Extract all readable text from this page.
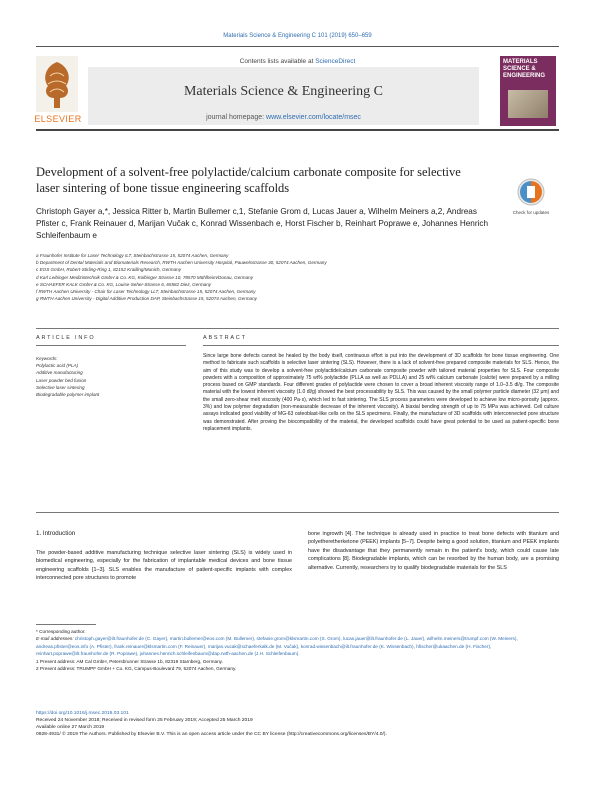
Materials Science & Engineering C 101 (2019) 650–659
ELSEVIER
Contents lists available at ScienceDirect
Materials Science & Engineering C
journal homepage: www.elsevier.com/locate/msec
MATERIALS SCIENCE & ENGINEERING
Development of a solvent-free polylactide/calcium carbonate composite for selective laser sintering of bone tissue engineering scaffolds
Check for updates
Christoph Gayer a,*, Jessica Ritter b, Martin Bullemer c,1, Stefanie Grom d, Lucas Jauer a, Wilhelm Meiners a,2, Andreas Pfister c, Frank Reinauer d, Marijan Vučak c, Konrad Wissenbach e, Horst Fischer b, Reinhart Poprawe e, Johannes Henrich Schleifenbaum e
a Fraunhofer Institute for Laser Technology ILT, Steinbachstrasse 15, 52074 Aachen, Germany
b Department of Dental Materials and Biomaterials Research, RWTH Aachen University Hospital, Pauwelsstrasse 30, 52074 Aachen, Germany
c EOS GmbH, Robert-Stirling-Ring 1, 82152 Krailling/Munich, Germany
d Karl Leibinger Medizintechnik GmbH & Co. KG, Kolbinger Strasse 10, 78570 Mühlheim/Donau, Germany
e SCHAEFER KALK GmbH & Co. KG, Louise-Seher-Strasse 6, 65582 Diez, Germany
f RWTH Aachen University - Chair for Laser Technology LLT, Steinbachstrasse 15, 52074 Aachen, Germany
g RWTH Aachen University - Digital Additive Production DAP, Steinbachstrasse 15, 52074 Aachen, Germany
ARTICLE INFO	ABSTRACT
Keywords:
Polylactic acid (PLA)
Additive manufacturing
Laser powder bed fusion
Selective laser sintering
Biodegradable polymer implant
Since large bone defects cannot be healed by the body itself, continuous effort is put into the development of 3D scaffolds for bone tissue engineering. One method to fabricate such scaffolds is selective laser sintering (SLS). However, there is a lack of solvent-free prepared composite materials for SLS. Hence, the aim of this study was to develop a solvent-free polylactide/calcium carbonate composite powder with tailored material properties for SLS. Four composite powders with a composition of approximately 75 wt% polylactide (PLLA as well as PDLLA) and 25 wt% calcium carbonate (calcite) were prepared by a milling process based on GMP standards. Four different grades of polylactide were chosen to cover a broad inherent viscosity range of 1.0–3.5 dl/g. The composite material with the lowest inherent viscosity (1.0 dl/g) showed the best processability by SLS. This was caused by the small polymer particle diameter (32 μm) and the small zero-shear melt viscosity (400 Pa·s), which led to fast sintering. The SLS process parameters were developed to achieve low micro-porosity (approx. 3%) and low polymer degradation (non-measurable decrease of the inherent viscosity). A biaxial bending strength of up to 75 MPa was achieved. Cell culture assays indicated good viability of MG-63 osteoblast-like cells on the SLS specimens. Finally, the manufacture of 3D scaffolds with interconnected pore structure was demonstrated. After proving the biocompatibility of the material, the developed scaffolds could have great potential to be used as patient-specific bone replacement implants.
1. Introduction
The powder-based additive manufacturing technique selective laser sintering (SLS) is widely used in biomedical engineering, especially for the fabrication of implantable medical devices and bone tissue engineering scaffolds [1–3]. SLS enables the manufacture of patient-specific implants with complex interconnected pore structures to promote
bone ingrowth [4]. The technique is already used in practice to treat bone defects with titanium and polyetheretherketone (PEEK) implants [5–7]. Despite being a good solution, titanium and PEEK implants have the disadvantage that they permanently remain in the patient's body, which could cause late complications [8]. Biodegradable implants, which can be resorbed by the human body, are a promising alternative. Currently, researchers try to qualify biodegradable materials for the SLS
* Corresponding author.
E-mail addresses: christoph.gayer@ilt.fraunhofer.de (C. Gayer), martin.bullemer@eos.com (M. Bullemer), stefanie.grom@klsmartin.com (S. Grom), lucas.jauer@ilt.fraunhofer.de (L. Jauer), wilhelm.meiners@trumpf.com (W. Meiners), andreas.pfister@eos.info (A. Pfister), frank.reinauer@klsmartin.com (F. Reinauer), marijan.vucak@schaeferkalk.de (M. Vučak), konrad.wissenbach@ilt.fraunhofer.de (K. Wissenbach), hfischer@ukaachen.de (H. Fischer), reinhart.poprawe@ilt.fraunhofer.de (R. Poprawe), johannes.henrich.schleifenbaum@dap.rwth-aachen.de (J.H. Schleifenbaum).
1 Present address: AM Cal GmbH, Petersbrunner Strasse 1b, 82319 Starnberg, Germany.
2 Present address: TRUMPF GmbH + Co. KG, Campus-Boulevard 79, 52074 Aachen, Germany.
https://doi.org/10.1016/j.msec.2019.03.101
Received 24 November 2018; Received in revised form 25 February 2019; Accepted 25 March 2019
Available online 27 March 2019
0928-4931/ © 2019 The Authors. Published by Elsevier B.V. This is an open access article under the CC BY license (http://creativecommons.org/licenses/BY/4.0/).
